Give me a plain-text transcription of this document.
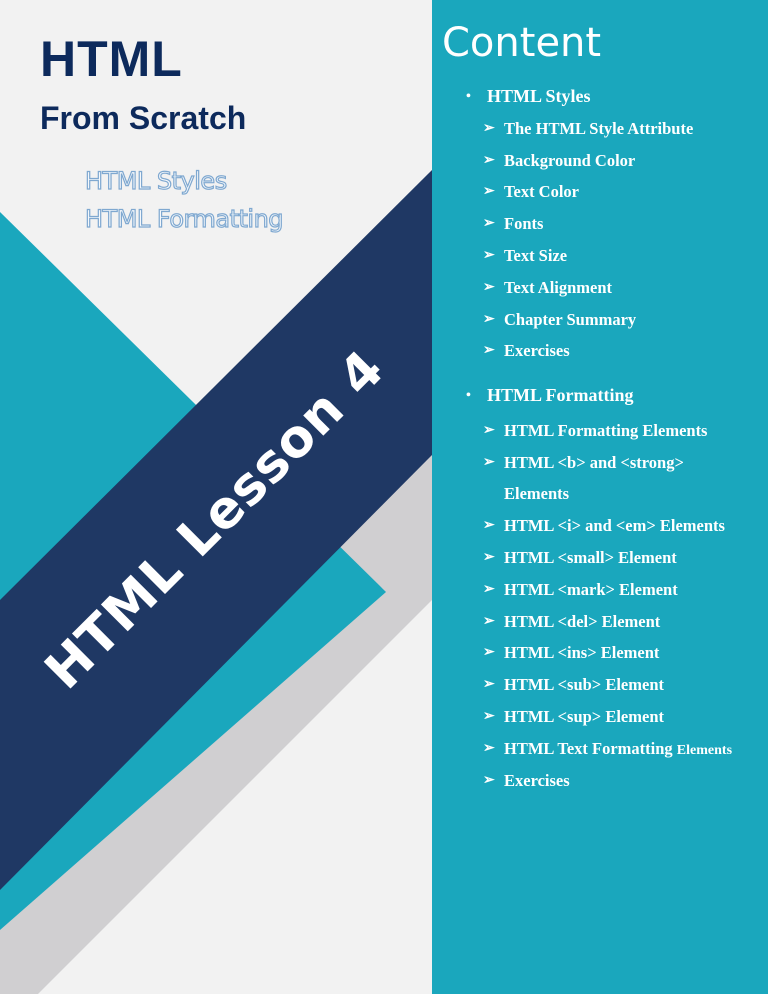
HTML
From Scratch
HTML Styles
HTML Formatting
HTML Lesson 4
Content
• HTML Styles
➢ The HTML Style Attribute
➢ Background Color
➢ Text Color
➢ Fonts
➢ Text Size
➢ Text Alignment
➢ Chapter Summary
➢ Exercises
• HTML Formatting
➢ HTML Formatting Elements
➢ HTML <b> and <strong>
Elements
➢ HTML <i> and <em> Elements
➢ HTML <small> Element
➢ HTML <mark> Element
➢ HTML <del> Element
➢ HTML <ins> Element
➢ HTML <sub> Element
➢ HTML <sup> Element
➢ HTML Text Formatting Elements
➢ Exercises
